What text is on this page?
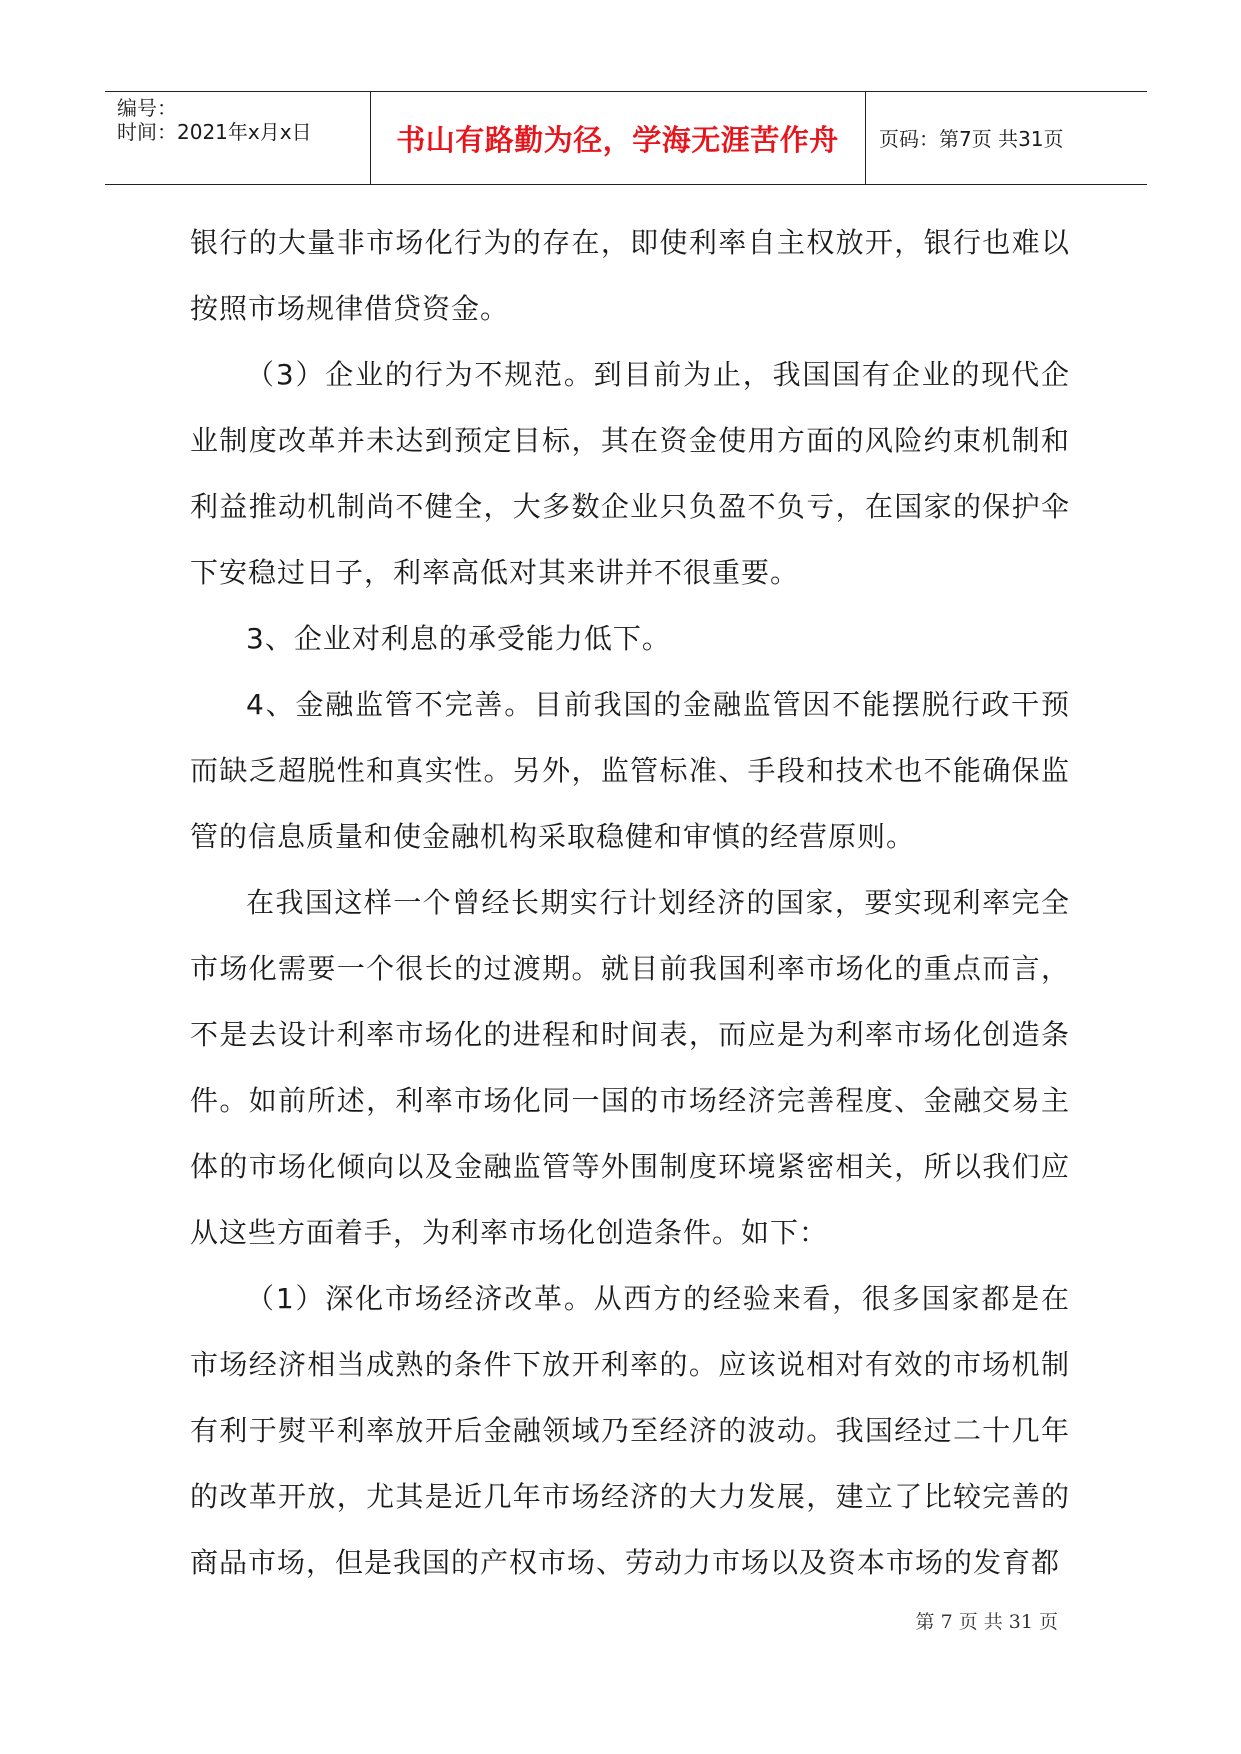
编号：
时间：2021年x月x日	书山有路勤为径，学海无涯苦作舟	页码：第7页 共31页

银行的大量非市场化行为的存在，即使利率自主权放开，银行也难以按照市场规律借贷资金。

（3）企业的行为不规范。到目前为止，我国国有企业的现代企业制度改革并未达到预定目标，其在资金使用方面的风险约束机制和利益推动机制尚不健全，大多数企业只负盈不负亏，在国家的保护伞下安稳过日子，利率高低对其来讲并不很重要。

3、企业对利息的承受能力低下。

4、金融监管不完善。目前我国的金融监管因不能摆脱行政干预而缺乏超脱性和真实性。另外，监管标准、手段和技术也不能确保监管的信息质量和使金融机构采取稳健和审慎的经营原则。

在我国这样一个曾经长期实行计划经济的国家，要实现利率完全市场化需要一个很长的过渡期。就目前我国利率市场化的重点而言，不是去设计利率市场化的进程和时间表，而应是为利率市场化创造条件。如前所述，利率市场化同一国的市场经济完善程度、金融交易主体的市场化倾向以及金融监管等外围制度环境紧密相关，所以我们应从这些方面着手，为利率市场化创造条件。如下：

（1）深化市场经济改革。从西方的经验来看，很多国家都是在市场经济相当成熟的条件下放开利率的。应该说相对有效的市场机制有利于熨平利率放开后金融领域乃至经济的波动。我国经过二十几年的改革开放，尤其是近几年市场经济的大力发展，建立了比较完善的商品市场，但是我国的产权市场、劳动力市场以及资本市场的发育都

第 7 页 共 31 页
